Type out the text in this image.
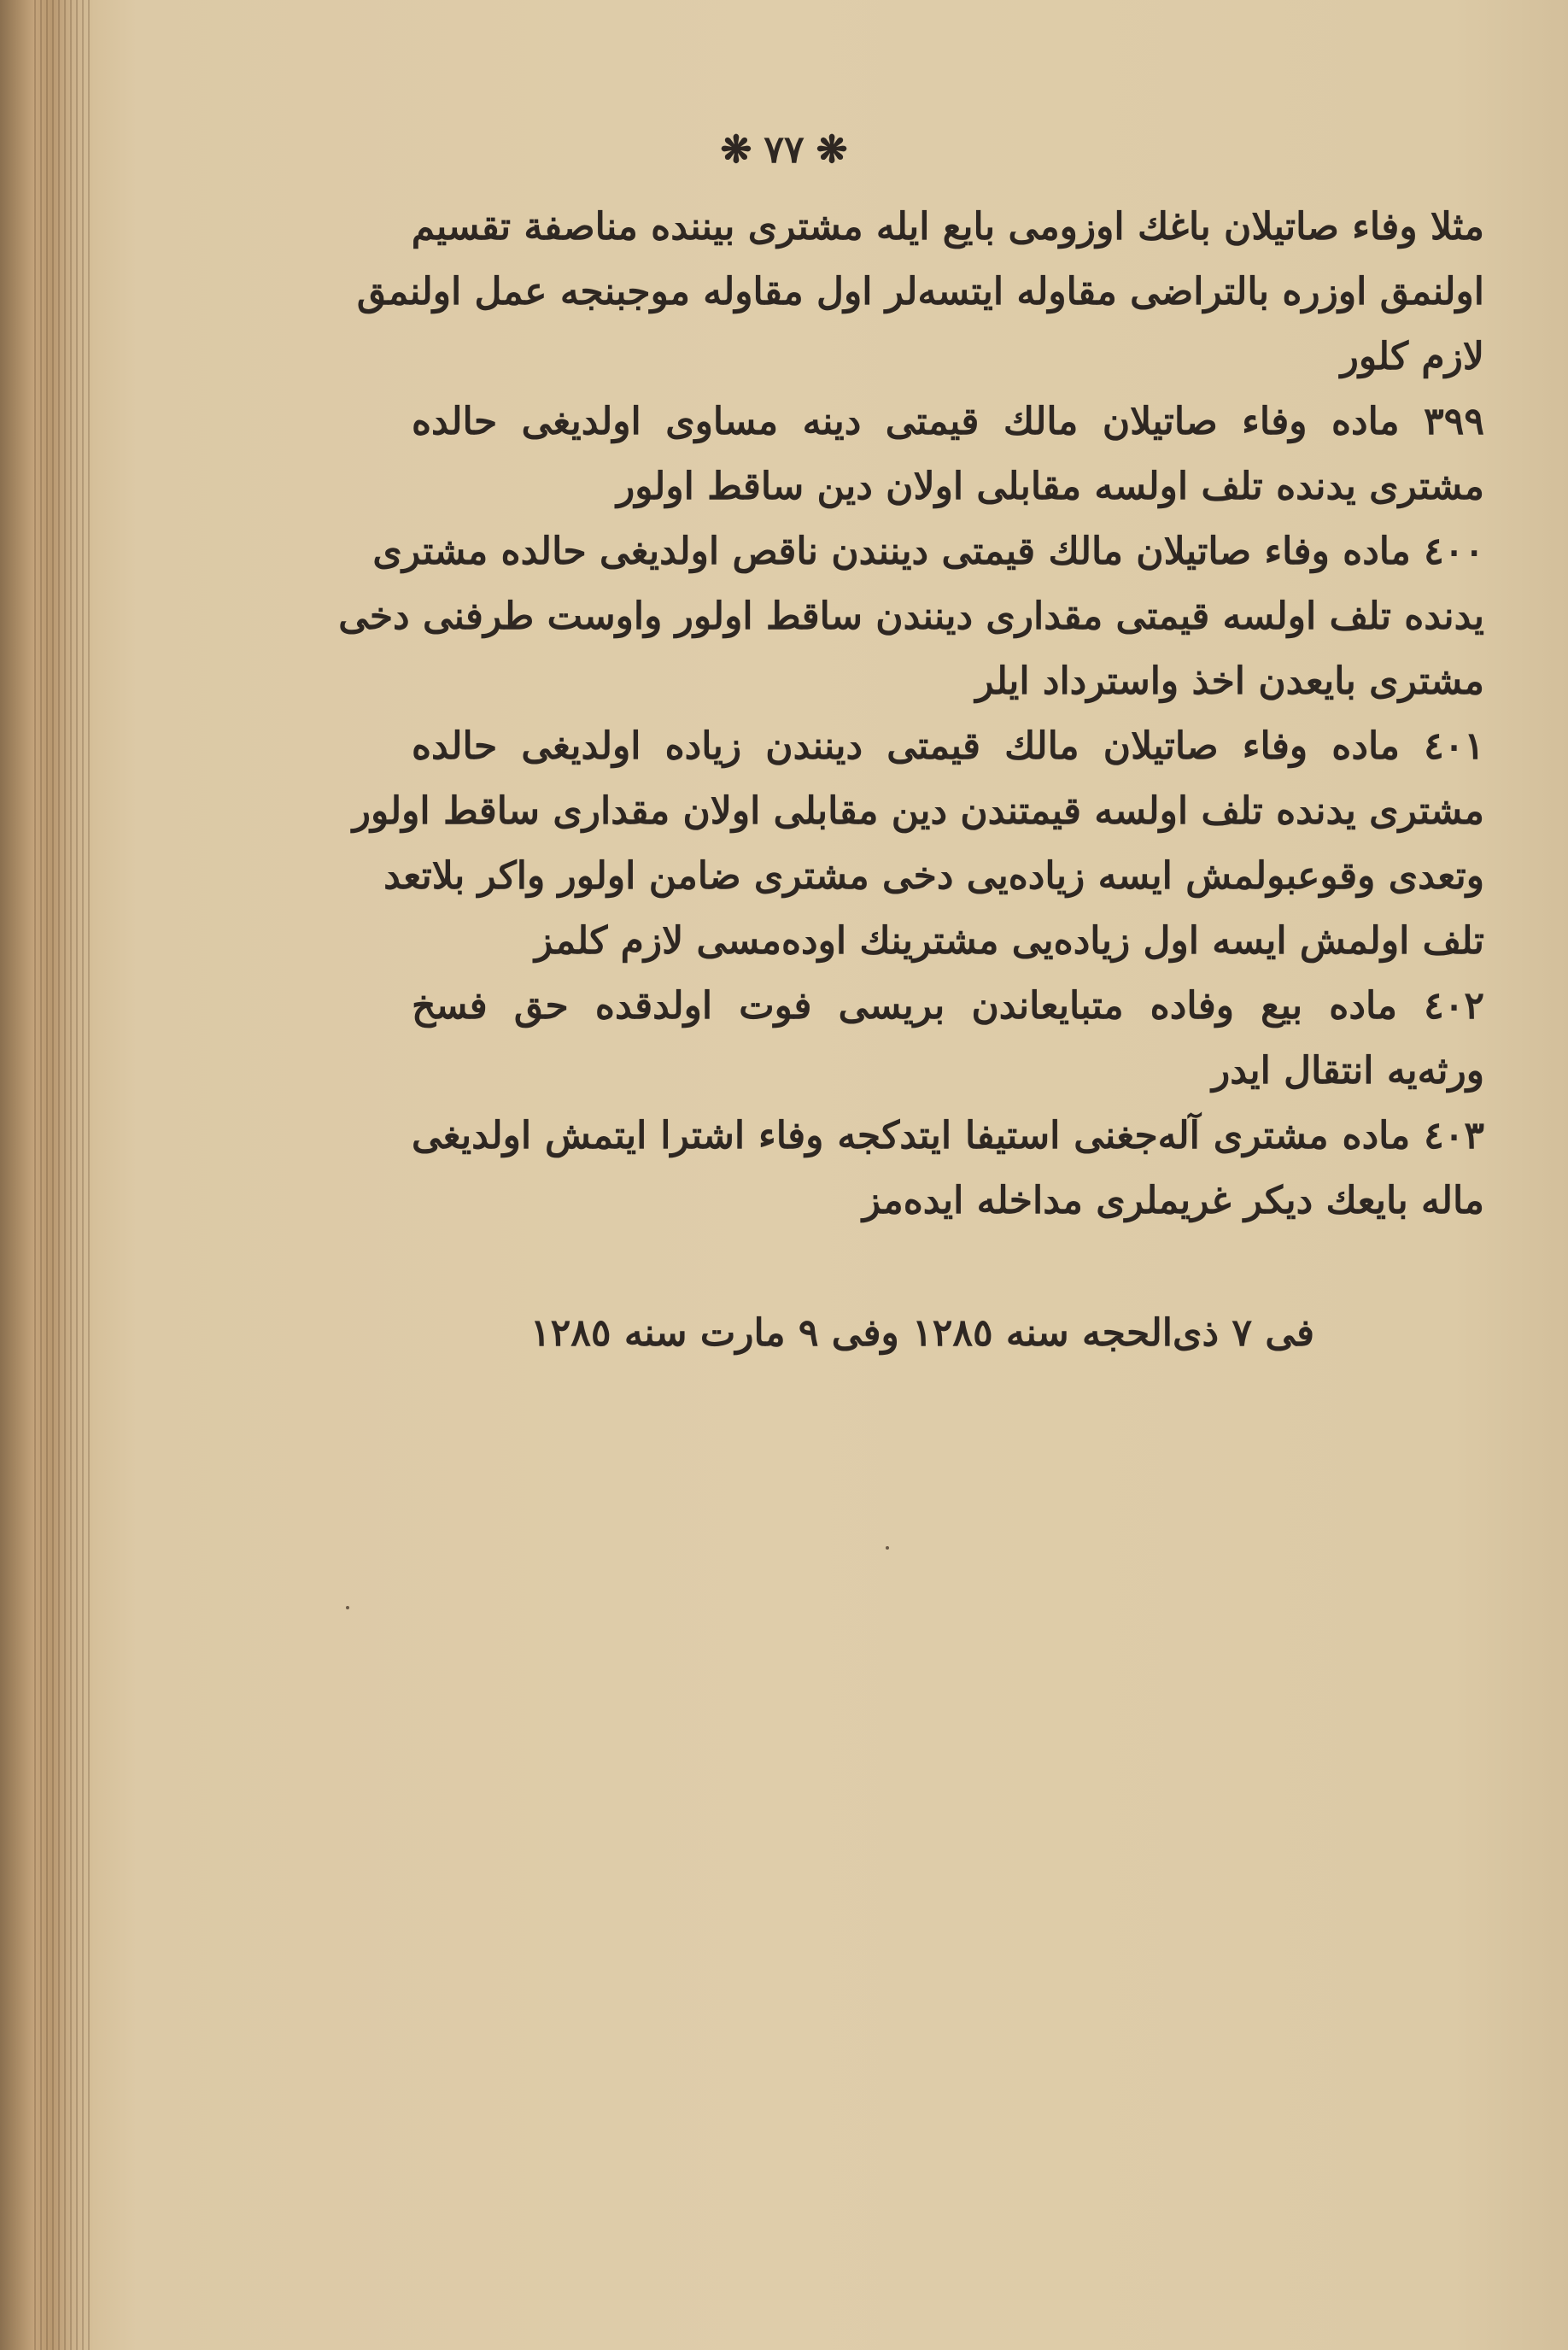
❋ ٧٧ ❋
مثلا وفاء صاتيلان باغك اوزومى بايع ايله مشترى بيننده مناصفة تقسيم
اولنمق اوزره بالتراضى مقاوله ايتسه‌لر اول مقاوله موجبنجه عمل اولنمق
لازم كلور
٣٩٩ ماده وفاء صاتيلان مالك قيمتى دينه مساوى اولديغى حالده
مشترى يدنده تلف اولسه مقابلى اولان دين ساقط اولور
٤٠٠ ماده وفاء صاتيلان مالك قيمتى دينندن ناقص اولديغى حالده مشترى
يدنده تلف اولسه قيمتى مقدارى دينندن ساقط اولور واوست طرفنى دخى
مشترى بايعدن اخذ واسترداد ايلر
٤٠١ ماده وفاء صاتيلان مالك قيمتى دينندن زياده اولديغى حالده
مشترى يدنده تلف اولسه قيمتندن دين مقابلى اولان مقدارى ساقط اولور
وتعدى وقوعبولمش ايسه زياده‌يى دخى مشترى ضامن اولور واكر بلاتعد
تلف اولمش ايسه اول زياده‌يى مشترينك اوده‌مسى لازم كلمز
٤٠٢ ماده بيع وفاده متبايعاندن بريسى فوت اولدقده حق فسخ
ورثه‌يه انتقال ايدر
٤٠٣ ماده مشترى آله‌جغنى استيفا ايتدكجه وفاء اشترا ايتمش اولديغى
ماله بايعك ديكر غريملرى مداخله ايده‌مز
فى ٧ ذى‌الحجه سنه ١٢٨٥ وفى ٩ مارت سنه ١٢٨٥
